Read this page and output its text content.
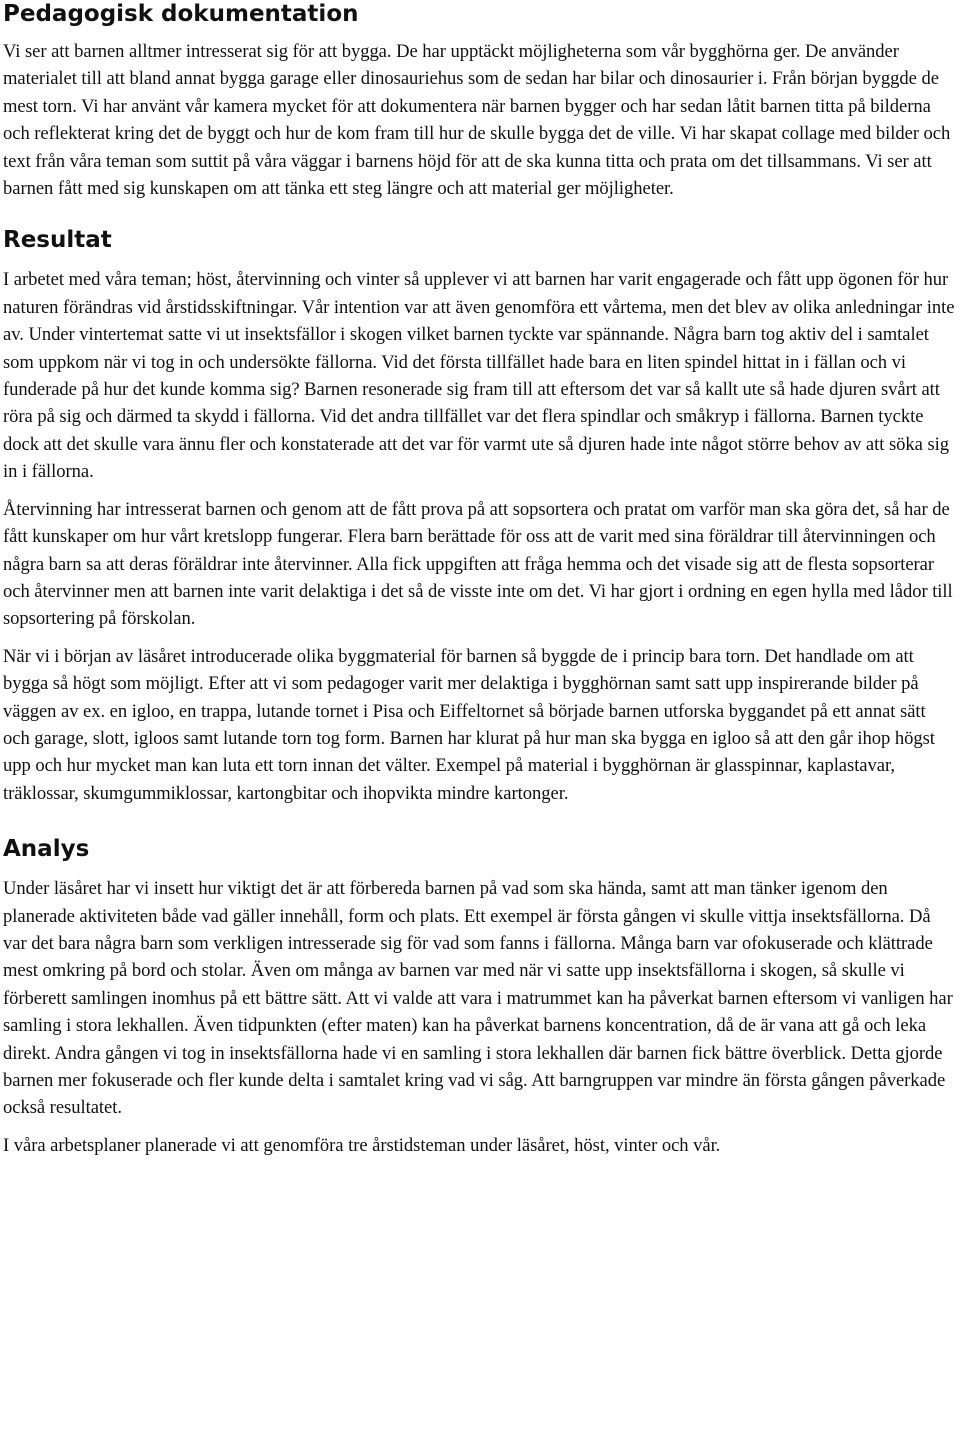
Pedagogisk dokumentation

Vi ser att barnen alltmer intresserat sig för att bygga. De har upptäckt möjligheterna som vår bygghörna ger. De använder materialet till att bland annat bygga garage eller dinosauriehus som de sedan har bilar och dinosaurier i. Från början byggde de mest torn. Vi har använt vår kamera mycket för att dokumentera när barnen bygger och har sedan låtit barnen titta på bilderna och reflekterat kring det de byggt och hur de kom fram till hur de skulle bygga det de ville. Vi har skapat collage med bilder och text från våra teman som suttit på våra väggar i barnens höjd för att de ska kunna titta och prata om det tillsammans. Vi ser att barnen fått med sig kunskapen om att tänka ett steg längre och att material ger möjligheter.

Resultat

I arbetet med våra teman; höst, återvinning och vinter så upplever vi att barnen har varit engagerade och fått upp ögonen för hur naturen förändras vid årstidsskiftningar. Vår intention var att även genomföra ett vårtema, men det blev av olika anledningar inte av. Under vintertemat satte vi ut insektsfällor i skogen vilket barnen tyckte var spännande. Några barn tog aktiv del i samtalet som uppkom när vi tog in och undersökte fällorna. Vid det första tillfället hade bara en liten spindel hittat in i fällan och vi funderade på hur det kunde komma sig? Barnen resonerade sig fram till att eftersom det var så kallt ute så hade djuren svårt att röra på sig och därmed ta skydd i fällorna. Vid det andra tillfället var det flera spindlar och småkryp i fällorna. Barnen tyckte dock att det skulle vara ännu fler och konstaterade att det var för varmt ute så djuren hade inte något större behov av att söka sig in i fällorna.

Återvinning har intresserat barnen och genom att de fått prova på att sopsortera och pratat om varför man ska göra det, så har de fått kunskaper om hur vårt kretslopp fungerar. Flera barn berättade för oss att de varit med sina föräldrar till återvinningen och några barn sa att deras föräldrar inte återvinner. Alla fick uppgiften att fråga hemma och det visade sig att de flesta sopsorterar och återvinner men att barnen inte varit delaktiga i det så de visste inte om det. Vi har gjort i ordning en egen hylla med lådor till sopsortering på förskolan.

När vi i början av läsåret introducerade olika byggmaterial för barnen så byggde de i princip bara torn. Det handlade om att bygga så högt som möjligt. Efter att vi som pedagoger varit mer delaktiga i bygghörnan samt satt upp inspirerande bilder på väggen av ex. en igloo, en trappa, lutande tornet i Pisa och Eiffeltornet så började barnen utforska byggandet på ett annat sätt och garage, slott, igloos samt lutande torn tog form. Barnen har klurat på hur man ska bygga en igloo så att den går ihop högst upp och hur mycket man kan luta ett torn innan det välter. Exempel på material i bygghörnan är glasspinnar, kaplastavar, träklossar, skumgummiklossar, kartongbitar och ihopvikta mindre kartonger.

Analys

Under läsåret har vi insett hur viktigt det är att förbereda barnen på vad som ska hända, samt att man tänker igenom den planerade aktiviteten både vad gäller innehåll, form och plats. Ett exempel är första gången vi skulle vittja insektsfällorna. Då var det bara några barn som verkligen intresserade sig för vad som fanns i fällorna. Många barn var ofokuserade och klättrade mest omkring på bord och stolar. Även om många av barnen var med när vi satte upp insektsfällorna i skogen, så skulle vi förberett samlingen inomhus på ett bättre sätt. Att vi valde att vara i matrummet kan ha påverkat barnen eftersom vi vanligen har samling i stora lekhallen. Även tidpunkten (efter maten) kan ha påverkat barnens koncentration, då de är vana att gå och leka direkt. Andra gången vi tog in insektsfällorna hade vi en samling i stora lekhallen där barnen fick bättre överblick. Detta gjorde barnen mer fokuserade och fler kunde delta i samtalet kring vad vi såg. Att barngruppen var mindre än första gången påverkade också resultatet.

I våra arbetsplaner planerade vi att genomföra tre årstidsteman under läsåret, höst, vinter och vår.
